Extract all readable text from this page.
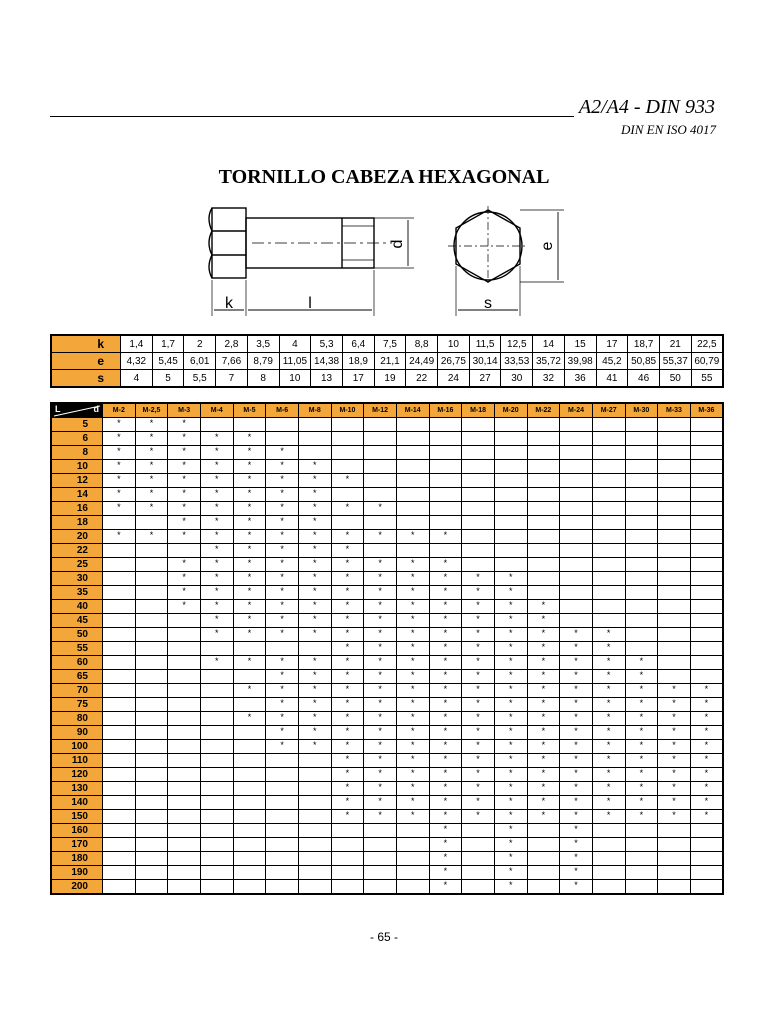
A2/A4 - DIN 933
DIN EN ISO 4017
TORNILLO CABEZA HEXAGONAL
d	e
k	l	s
k	1,4	1,7	2	2,8	3,5	4	5,3	6,4	7,5	8,8	10	11,5	12,5	14	15	17	18,7	21	22,5
e	4,32	5,45	6,01	7,66	8,79	11,05	14,38	18,9	21,1	24,49	26,75	30,14	33,53	35,72	39,98	45,2	50,85	55,37	60,79
s	4	5	5,5	7	8	10	13	17	19	22	24	27	30	32	36	41	46	50	55
L d	M-2	M-2,5	M-3	M-4	M-5	M-6	M-8	M-10	M-12	M-14	M-16	M-18	M-20	M-22	M-24	M-27	M-30	M-33	M-36
5	*	*	*																
6	*	*	*	*	*														
8	*	*	*	*	*	*													
10	*	*	*	*	*	*	*												
12	*	*	*	*	*	*	*	*											
14	*	*	*	*	*	*	*												
16	*	*	*	*	*	*	*	*	*										
18			*	*	*	*	*												
20	*	*	*	*	*	*	*	*	*	*	*								
22				*	*	*	*	*											
25			*	*	*	*	*	*	*	*	*								
30			*	*	*	*	*	*	*	*	*	*	*						
35			*	*	*	*	*	*	*	*	*	*	*						
40			*	*	*	*	*	*	*	*	*	*	*	*					
45				*	*	*	*	*	*	*	*	*	*	*					
50				*	*	*	*	*	*	*	*	*	*	*	*	*			
55								*	*	*	*	*	*	*	*	*			
60				*	*	*	*	*	*	*	*	*	*	*	*	*	*		
65						*	*	*	*	*	*	*	*	*	*	*	*		
70					*	*	*	*	*	*	*	*	*	*	*	*	*	*	*
75						*	*	*	*	*	*	*	*	*	*	*	*	*	*
80					*	*	*	*	*	*	*	*	*	*	*	*	*	*	*
90						*	*	*	*	*	*	*	*	*	*	*	*	*	*
100						*	*	*	*	*	*	*	*	*	*	*	*	*	*
110								*	*	*	*	*	*	*	*	*	*	*	*
120								*	*	*	*	*	*	*	*	*	*	*	*
130								*	*	*	*	*	*	*	*	*	*	*	*
140								*	*	*	*	*	*	*	*	*	*	*	*
150								*	*	*	*	*	*	*	*	*	*	*	*
160											*		*		*				
170											*		*		*				
180											*		*		*				
190											*		*		*				
200											*		*		*				
- 65 -
